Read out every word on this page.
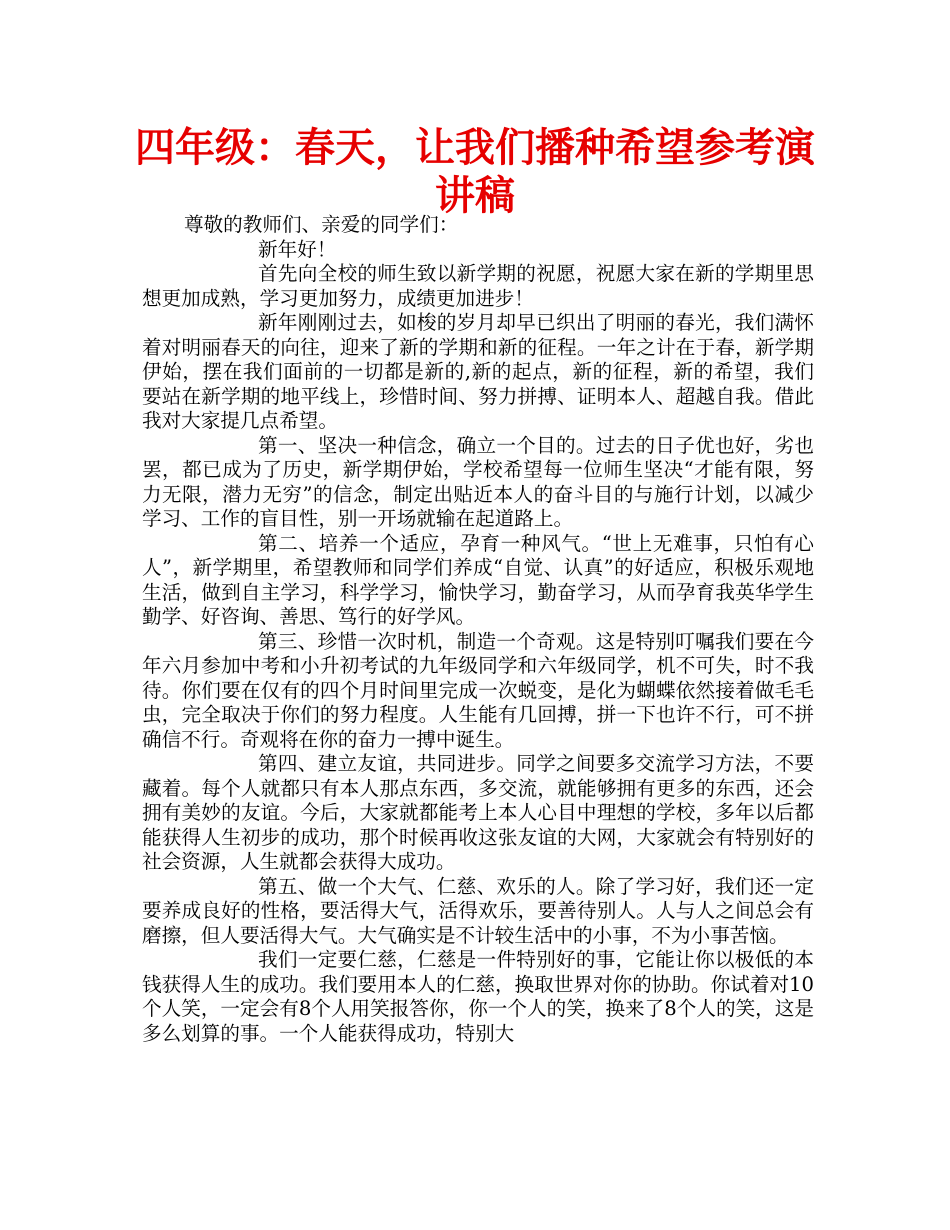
四年级：春天，让我们播种希望参考演讲稿

尊敬的教师们、亲爱的同学们：

新年好！

首先向全校的师生致以新学期的祝愿，祝愿大家在新的学期里思想更加成熟，学习更加努力，成绩更加进步！

新年刚刚过去，如梭的岁月却早已织出了明丽的春光，我们满怀着对明丽春天的向往，迎来了新的学期和新的征程。一年之计在于春，新学期伊始，摆在我们面前的一切都是新的,新的起点，新的征程，新的希望，我们要站在新学期的地平线上，珍惜时间、努力拼搏、证明本人、超越自我。借此我对大家提几点希望。

第一、坚决一种信念，确立一个目的。过去的日子优也好，劣也罢，都已成为了历史，新学期伊始，学校希望每一位师生坚决“才能有限，努力无限，潜力无穷”的信念，制定出贴近本人的奋斗目的与施行计划，以减少学习、工作的盲目性，别一开场就输在起道路上。

第二、培养一个适应，孕育一种风气。“世上无难事，只怕有心人”，新学期里，希望教师和同学们养成“自觉、认真”的好适应，积极乐观地生活，做到自主学习，科学学习，愉快学习，勤奋学习，从而孕育我英华学生勤学、好咨询、善思、笃行的好学风。

第三、珍惜一次时机，制造一个奇观。这是特别叮嘱我们要在今年六月参加中考和小升初考试的九年级同学和六年级同学，机不可失，时不我待。你们要在仅有的四个月时间里完成一次蜕变，是化为蝴蝶依然接着做毛毛虫，完全取决于你们的努力程度。人生能有几回搏，拼一下也许不行，可不拼确信不行。奇观将在你的奋力一搏中诞生。

第四、建立友谊，共同进步。同学之间要多交流学习方法，不要藏着。每个人就都只有本人那点东西，多交流，就能够拥有更多的东西，还会拥有美妙的友谊。今后，大家就都能考上本人心目中理想的学校，多年以后都能获得人生初步的成功，那个时候再收这张友谊的大网，大家就会有特别好的社会资源，人生就都会获得大成功。

第五、做一个大气、仁慈、欢乐的人。除了学习好，我们还一定要养成良好的性格，要活得大气，活得欢乐，要善待别人。人与人之间总会有磨擦，但人要活得大气。大气确实是不计较生活中的小事，不为小事苦恼。

我们一定要仁慈，仁慈是一件特别好的事，它能让你以极低的本钱获得人生的成功。我们要用本人的仁慈，换取世界对你的协助。你试着对10个人笑，一定会有8个人用笑报答你，你一个人的笑，换来了8个人的笑，这是多么划算的事。一个人能获得成功，特别大
